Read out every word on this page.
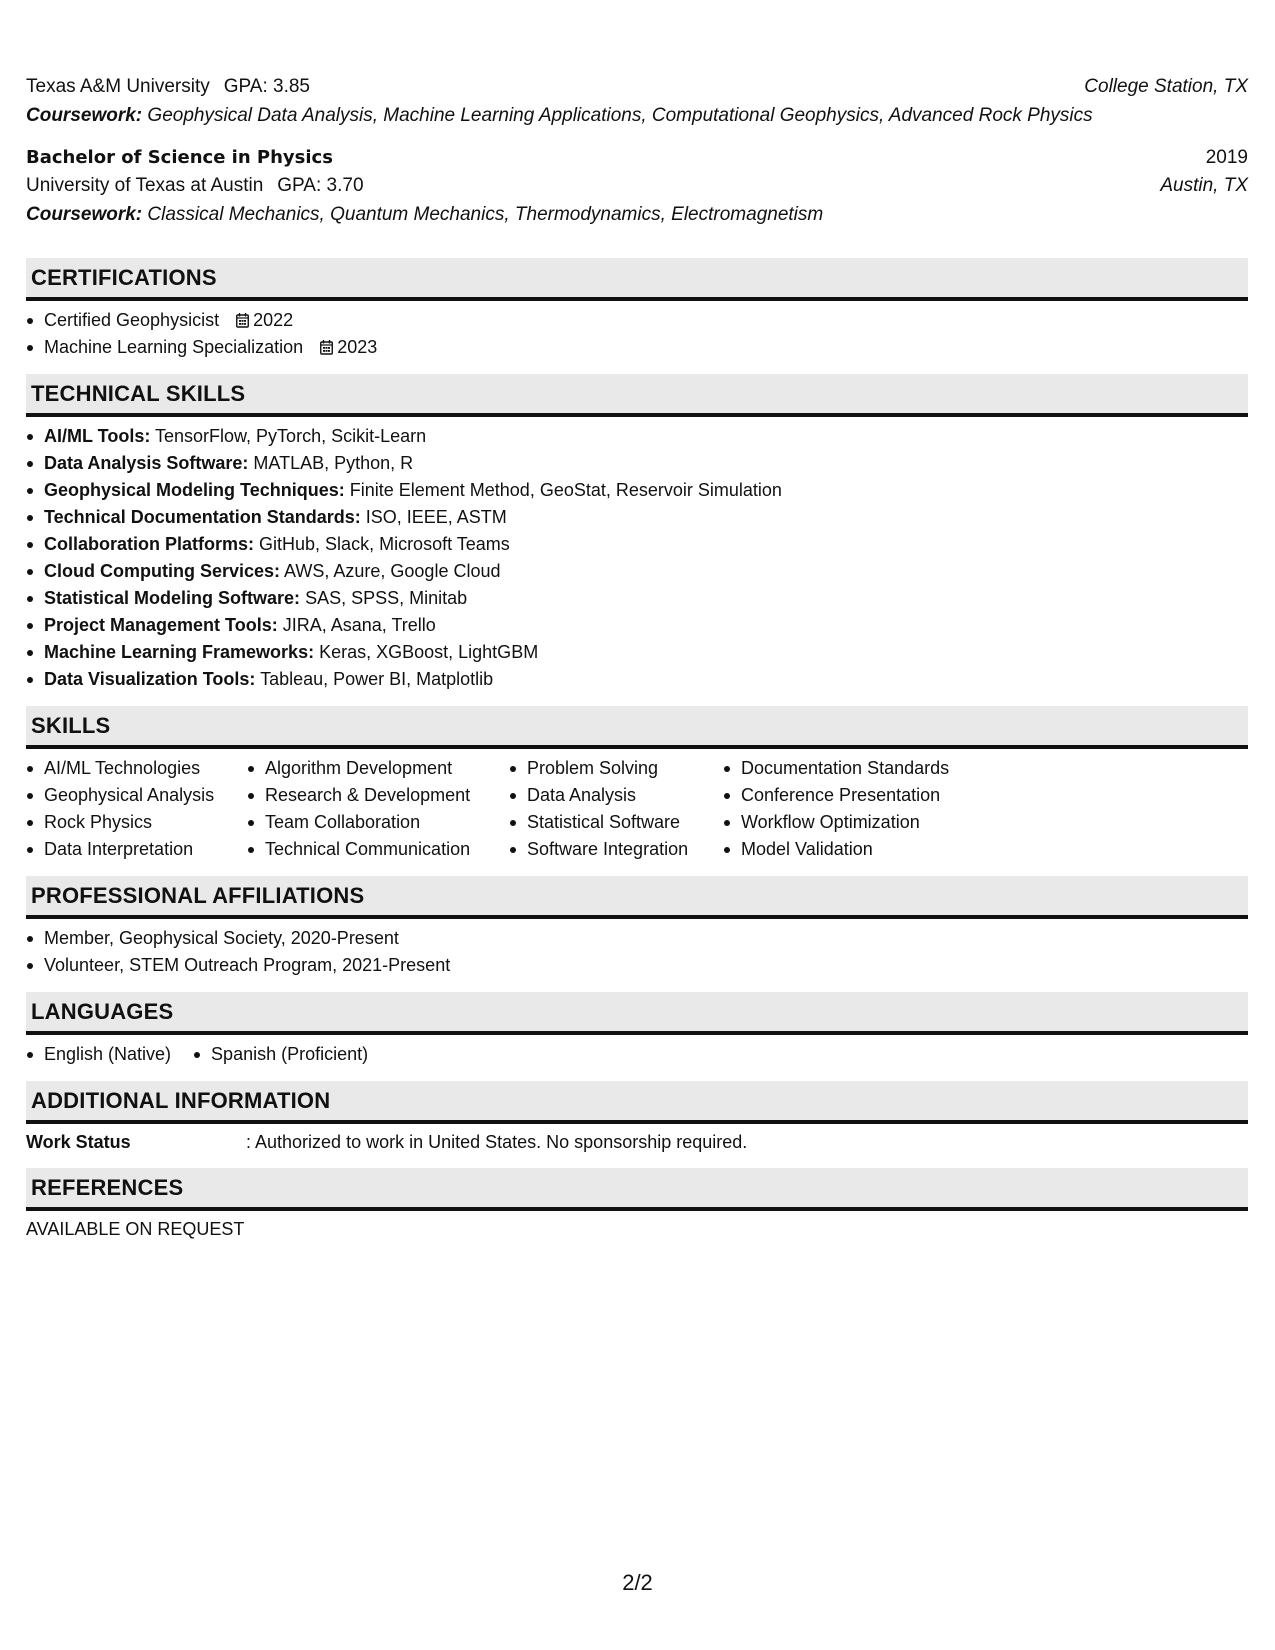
Texas A&M University GPA: 3.85	College Station, TX
Coursework: Geophysical Data Analysis, Machine Learning Applications, Computational Geophysics, Advanced Rock Physics
Bachelor of Science in Physics	2019
University of Texas at Austin GPA: 3.70	Austin, TX
Coursework: Classical Mechanics, Quantum Mechanics, Thermodynamics, Electromagnetism
CERTIFICATIONS
Certified Geophysicist 2022
Machine Learning Specialization 2023
TECHNICAL SKILLS
AI/ML Tools: TensorFlow, PyTorch, Scikit-Learn
Data Analysis Software: MATLAB, Python, R
Geophysical Modeling Techniques: Finite Element Method, GeoStat, Reservoir Simulation
Technical Documentation Standards: ISO, IEEE, ASTM
Collaboration Platforms: GitHub, Slack, Microsoft Teams
Cloud Computing Services: AWS, Azure, Google Cloud
Statistical Modeling Software: SAS, SPSS, Minitab
Project Management Tools: JIRA, Asana, Trello
Machine Learning Frameworks: Keras, XGBoost, LightGBM
Data Visualization Tools: Tableau, Power BI, Matplotlib
SKILLS
AI/ML Technologies
Geophysical Analysis
Rock Physics
Data Interpretation
Algorithm Development
Research & Development
Team Collaboration
Technical Communication
Problem Solving
Data Analysis
Statistical Software
Software Integration
Documentation Standards
Conference Presentation
Workflow Optimization
Model Validation
PROFESSIONAL AFFILIATIONS
Member, Geophysical Society, 2020-Present
Volunteer, STEM Outreach Program, 2021-Present
LANGUAGES
English (Native)	Spanish (Proficient)
ADDITIONAL INFORMATION
Work Status	: Authorized to work in United States. No sponsorship required.
REFERENCES
AVAILABLE ON REQUEST
2/2
